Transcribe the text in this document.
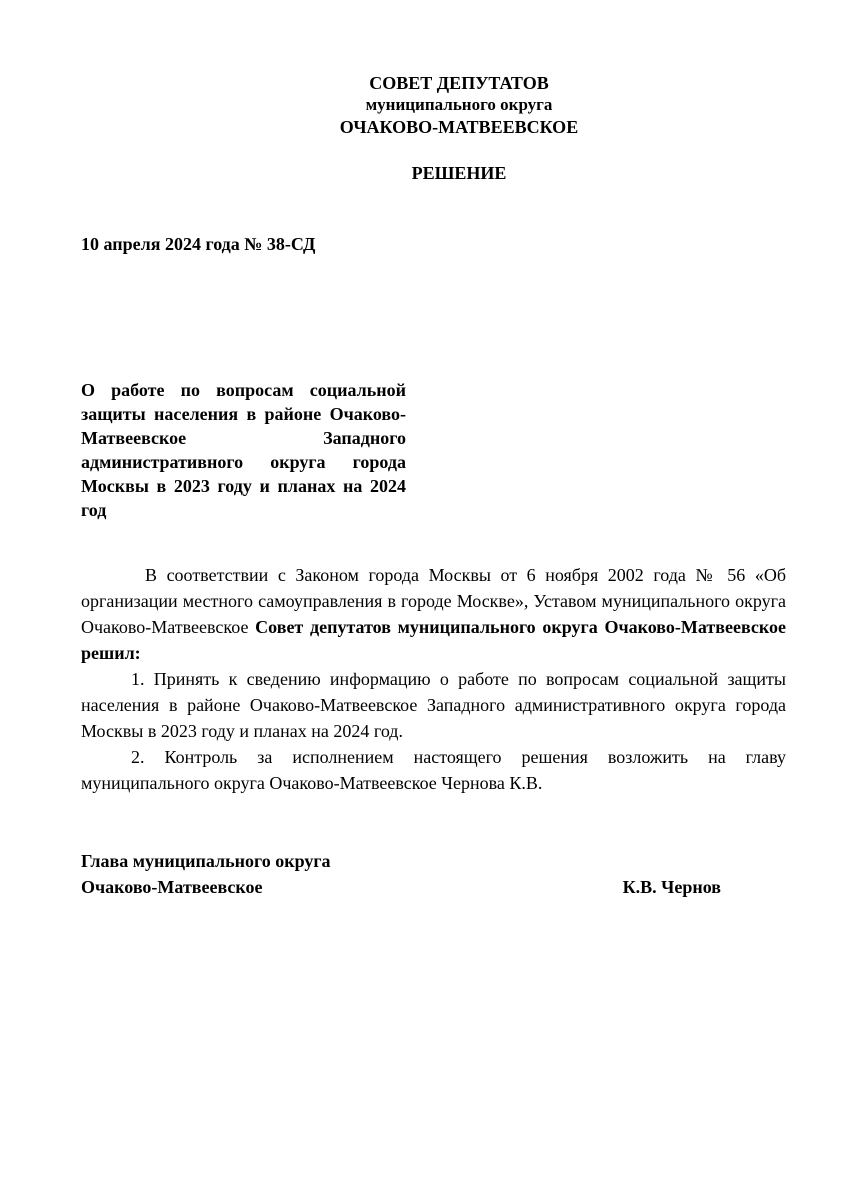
СОВЕТ ДЕПУТАТОВ
муниципального округа
ОЧАКОВО-МАТВЕЕВСКОЕ
РЕШЕНИЕ
10 апреля 2024 года № 38-СД
О работе по вопросам социальной защиты населения в районе Очаково-Матвеевское Западного административного округа города Москвы в 2023 году и планах на 2024 год

В соответствии с Законом города Москвы от 6 ноября 2002 года № 56 «Об организации местного самоуправления в городе Москве», Уставом муниципального округа Очаково-Матвеевское Совет депутатов муниципального округа Очаково-Матвеевское решил:

1. Принять к сведению информацию о работе по вопросам социальной защиты населения в районе Очаково-Матвеевское Западного административного округа города Москвы в 2023 году и планах на 2024 год.

2. Контроль за исполнением настоящего решения возложить на главу муниципального округа Очаково-Матвеевское Чернова К.В.

Глава муниципального округа
Очаково-Матвеевское	К.В. Чернов
